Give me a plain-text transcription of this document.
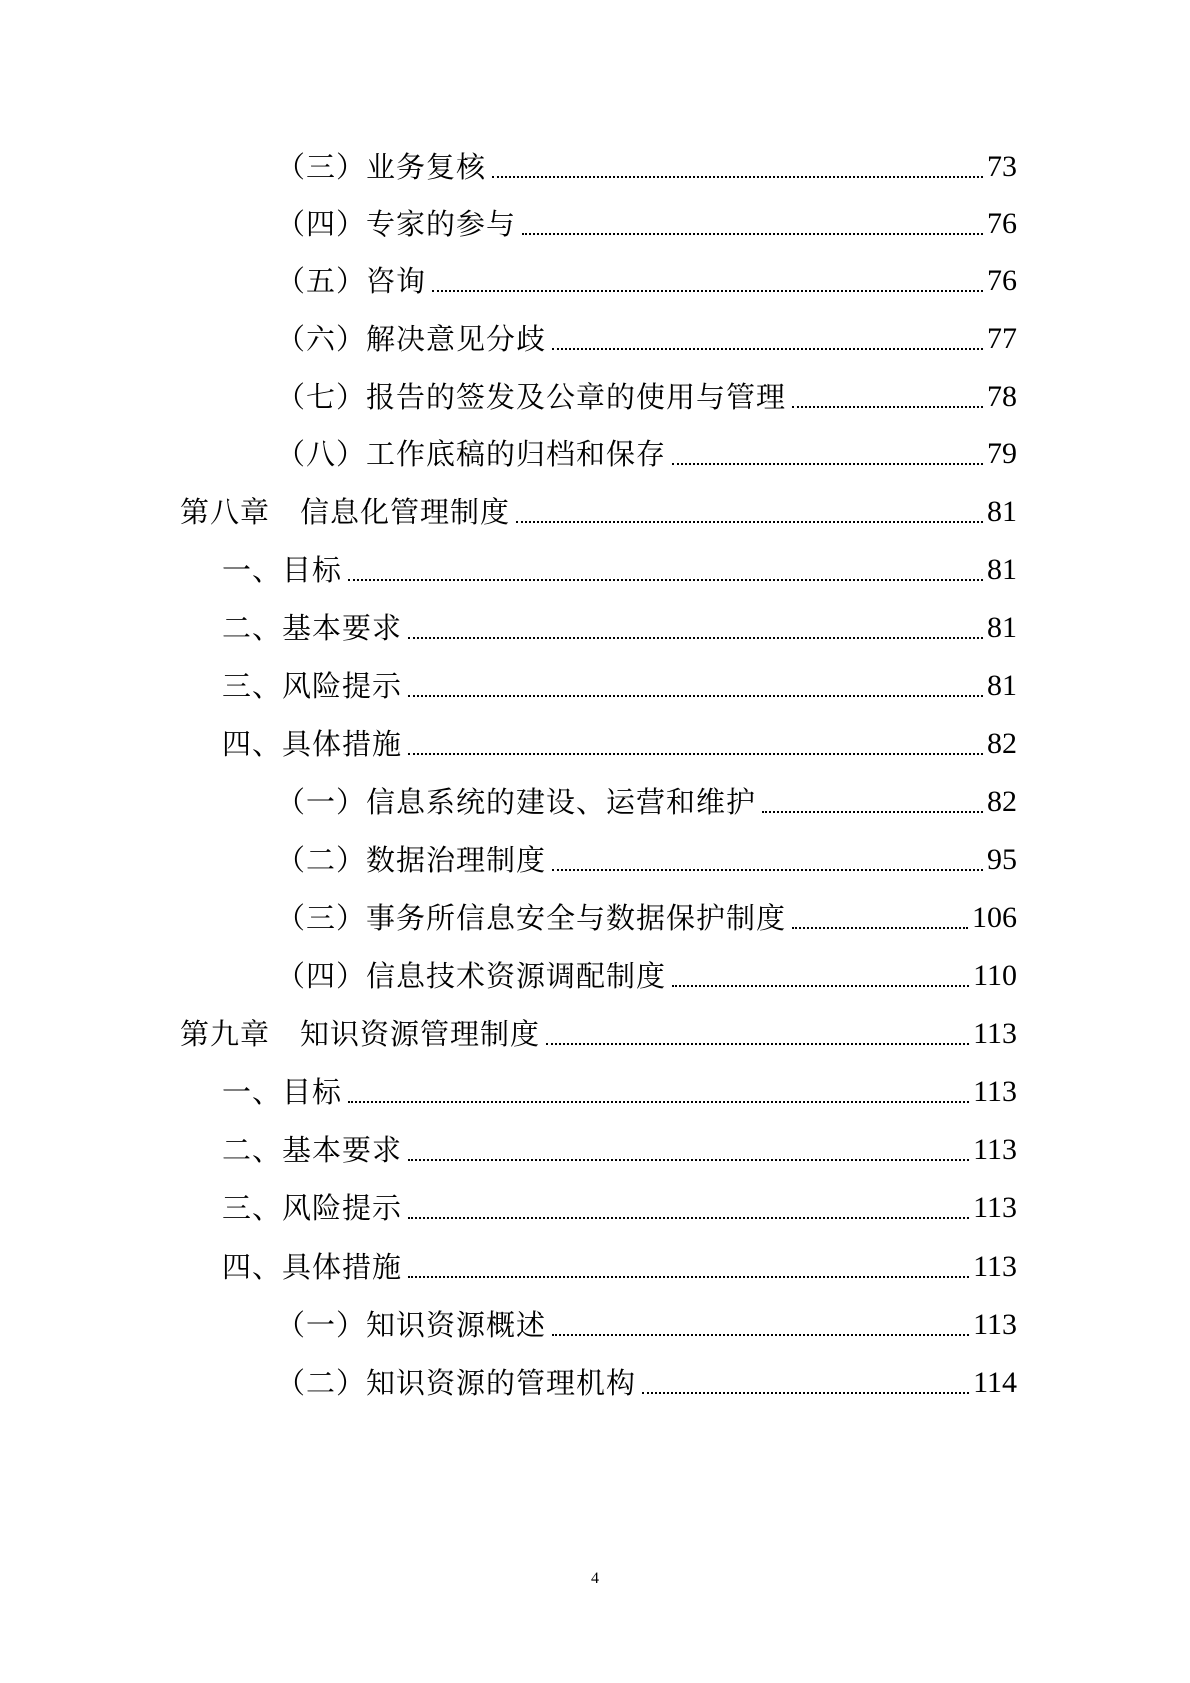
（三）业务复核	73
（四）专家的参与	76
（五）咨询	76
（六）解决意见分歧	77
（七）报告的签发及公章的使用与管理	78
（八）工作底稿的归档和保存	79
第八章 信息化管理制度	81
一、目标	81
二、基本要求	81
三、风险提示	81
四、具体措施	82
（一）信息系统的建设、运营和维护	82
（二）数据治理制度	95
（三）事务所信息安全与数据保护制度	106
（四）信息技术资源调配制度	110
第九章 知识资源管理制度	113
一、目标	113
二、基本要求	113
三、风险提示	113
四、具体措施	113
（一）知识资源概述	113
（二）知识资源的管理机构	114
4
